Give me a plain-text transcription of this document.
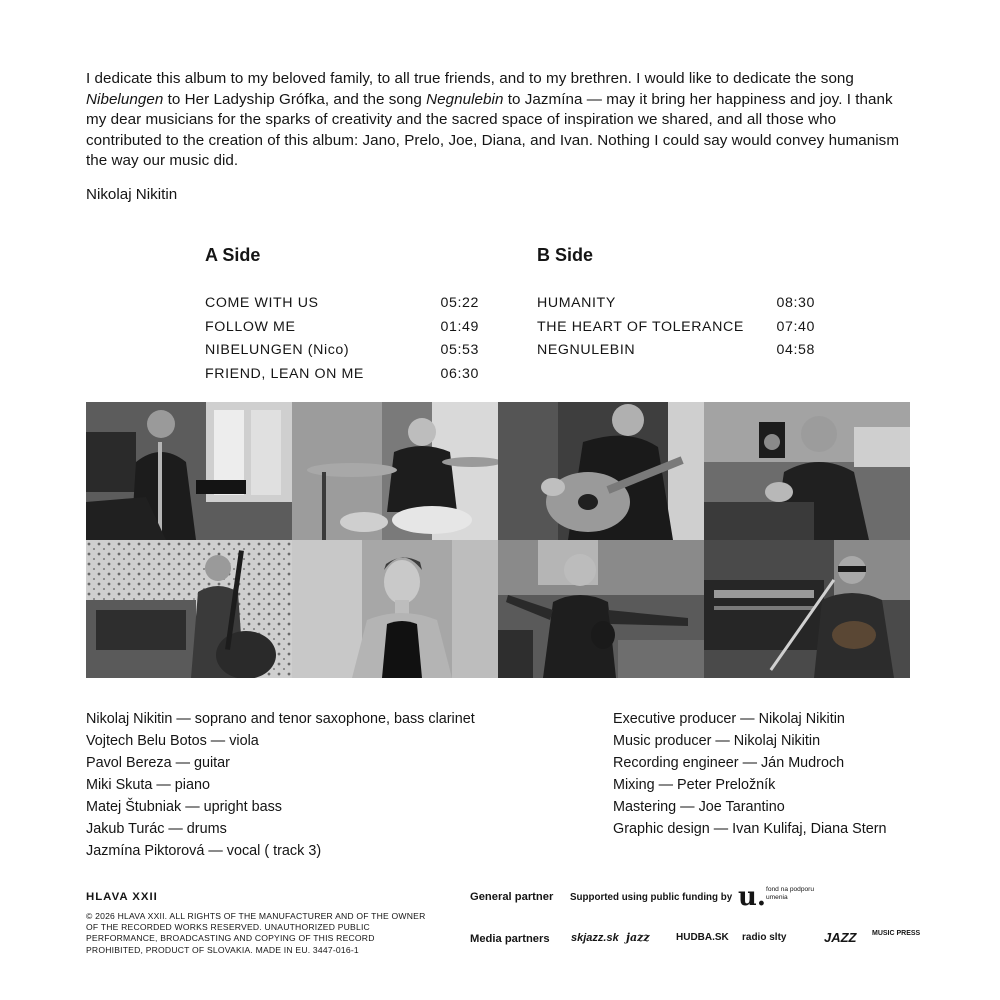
I dedicate this album to my beloved family, to all true friends, and to my brethren. I would like to dedicate the song Nibelungen to Her Ladyship Grófka, and the song Negnulebin to Jazmína — may it bring her happiness and joy. I thank my dear musicians for the sparks of creativity and the sacred space of inspiration we shared, and all those who contributed to the creation of this album: Jano, Prelo, Joe, Diana, and Ivan. Nothing I could say would convey humanism the way our music did.
Nikolaj Nikitin
A Side
COME WITH US	05:22
FOLLOW ME	01:49
NIBELUNGEN (Nico)	05:53
FRIEND, LEAN ON ME	06:30
B Side
HUMANITY	08:30
THE HEART OF TOLERANCE 07:40
NEGNULEBIN	04:58
Nikolaj Nikitin — soprano and tenor saxophone, bass clarinet
Vojtech Belu Botos — viola
Pavol Bereza — guitar
Miki Skuta — piano
Matej Štubniak — upright bass
Jakub Turác — drums
Jazmína Piktorová — vocal ( track 3)
Executive producer — Nikolaj Nikitin
Music producer — Nikolaj Nikitin
Recording engineer — Ján Mudroch
Mixing — Peter Preložník
Mastering — Joe Tarantino
Graphic design — Ivan Kulifaj, Diana Stern
HLAVA XXII
© 2026 HLAVA XXII. ALL RIGHTS OF THE MANUFACTURER AND OF THE OWNER OF THE RECORDED WORKS RESERVED. UNAUTHORIZED PUBLIC PERFORMANCE, BROADCASTING AND COPYING OF THIS RECORD PROHIBITED, PRODUCT OF SLOVAKIA. MADE IN EU. 3447-016-1
General partner Supported using public funding by u. fond na podporu umenia
Media partners skjazz.sk jazz	HUDBA.SK radio slty	JAZZ MUSIC PRESS
